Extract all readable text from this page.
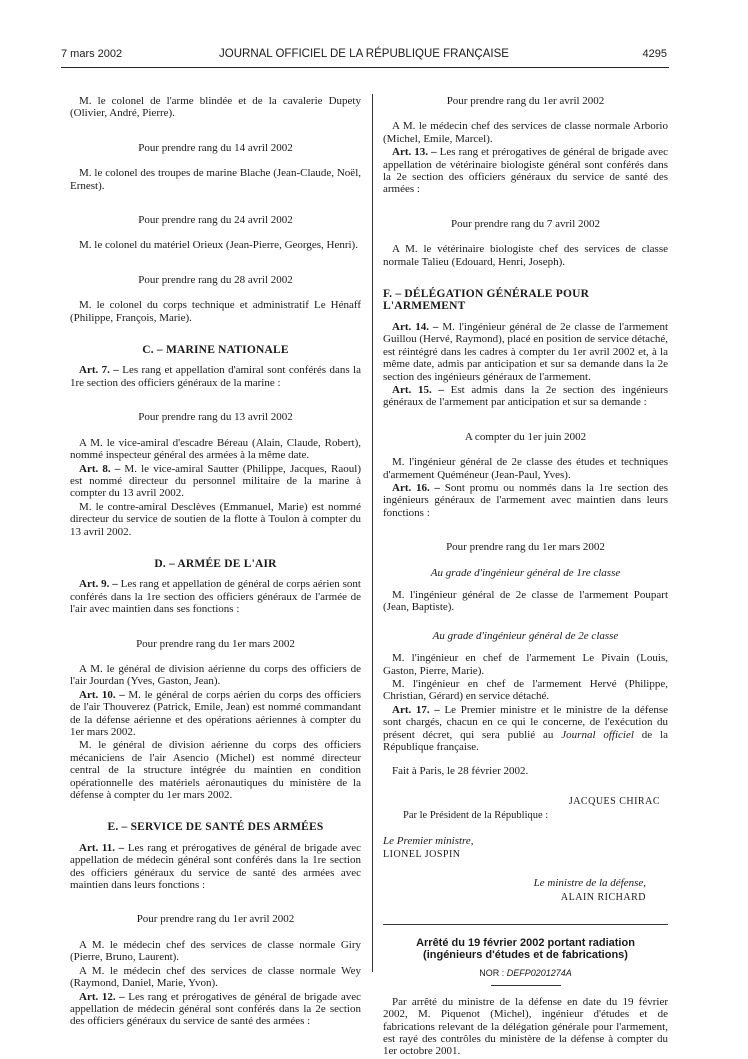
7 mars 2002	JOURNAL OFFICIEL DE LA RÉPUBLIQUE FRANÇAISE	4295

M. le colonel de l'arme blindée et de la cavalerie Dupety (Olivier, André, Pierre).

Pour prendre rang du 14 avril 2002

M. le colonel des troupes de marine Blache (Jean-Claude, Noël, Ernest).

Pour prendre rang du 24 avril 2002

M. le colonel du matériel Orieux (Jean-Pierre, Georges, Henri).

Pour prendre rang du 28 avril 2002

M. le colonel du corps technique et administratif Le Hénaff (Philippe, François, Marie).

C. – MARINE NATIONALE

Art. 7. – Les rang et appellation d'amiral sont conférés dans la 1re section des officiers généraux de la marine :

Pour prendre rang du 13 avril 2002

A M. le vice-amiral d'escadre Béreau (Alain, Claude, Robert), nommé inspecteur général des armées à la même date.

Art. 8. – M. le vice-amiral Sautter (Philippe, Jacques, Raoul) est nommé directeur du personnel militaire de la marine à compter du 13 avril 2002.

M. le contre-amiral Desclèves (Emmanuel, Marie) est nommé directeur du service de soutien de la flotte à Toulon à compter du 13 avril 2002.

D. – ARMÉE DE L'AIR

Art. 9. – Les rang et appellation de général de corps aérien sont conférés dans la 1re section des officiers généraux de l'armée de l'air avec maintien dans ses fonctions :

Pour prendre rang du 1er mars 2002

A M. le général de division aérienne du corps des officiers de l'air Jourdan (Yves, Gaston, Jean).

Art. 10. – M. le général de corps aérien du corps des officiers de l'air Thouverez (Patrick, Emile, Jean) est nommé commandant de la défense aérienne et des opérations aériennes à compter du 1er mars 2002.

M. le général de division aérienne du corps des officiers mécaniciens de l'air Asencio (Michel) est nommé directeur central de la structure intégrée du maintien en condition opérationnelle des matériels aéronautiques du ministère de la défense à compter du 1er mars 2002.

E. – SERVICE DE SANTÉ DES ARMÉES

Art. 11. – Les rang et prérogatives de général de brigade avec appellation de médecin général sont conférés dans la 1re section des officiers généraux du service de santé des armées avec maintien dans leurs fonctions :

Pour prendre rang du 1er avril 2002

A M. le médecin chef des services de classe normale Giry (Pierre, Bruno, Laurent).

A M. le médecin chef des services de classe normale Wey (Raymond, Daniel, Marie, Yvon).

Art. 12. – Les rang et prérogatives de général de brigade avec appellation de médecin général sont conférés dans la 2e section des officiers généraux du service de santé des armées :

Pour prendre rang du 1er avril 2002

A M. le médecin chef des services de classe normale Arborio (Michel, Emile, Marcel).

Art. 13. – Les rang et prérogatives de général de brigade avec appellation de vétérinaire biologiste général sont conférés dans la 2e section des officiers généraux du service de santé des armées :

Pour prendre rang du 7 avril 2002

A M. le vétérinaire biologiste chef des services de classe normale Talieu (Edouard, Henri, Joseph).

F. – DÉLÉGATION GÉNÉRALE POUR L'ARMEMENT

Art. 14. – M. l'ingénieur général de 2e classe de l'armement Guillou (Hervé, Raymond), placé en position de service détaché, est réintégré dans les cadres à compter du 1er avril 2002 et, à la même date, admis par anticipation et sur sa demande dans la 2e section des ingénieurs généraux de l'armement.

Art. 15. – Est admis dans la 2e section des ingénieurs généraux de l'armement par anticipation et sur sa demande :

A compter du 1er juin 2002

M. l'ingénieur général de 2e classe des études et techniques d'armement Quéméneur (Jean-Paul, Yves).

Art. 16. – Sont promu ou nommés dans la 1re section des ingénieurs généraux de l'armement avec maintien dans leurs fonctions :

Pour prendre rang du 1er mars 2002
Au grade d'ingénieur général de 1re classe

M. l'ingénieur général de 2e classe de l'armement Poupart (Jean, Baptiste).

Au grade d'ingénieur général de 2e classe

M. l'ingénieur en chef de l'armement Le Pivain (Louis, Gaston, Pierre, Marie).

M. l'ingénieur en chef de l'armement Hervé (Philippe, Christian, Gérard) en service détaché.

Art. 17. – Le Premier ministre et le ministre de la défense sont chargés, chacun en ce qui le concerne, de l'exécution du présent décret, qui sera publié au Journal officiel de la République française.

Fait à Paris, le 28 février 2002.

JACQUES CHIRAC
Par le Président de la République :
Le Premier ministre,
LIONEL JOSPIN
Le ministre de la défense,
ALAIN RICHARD
Arrêté du 19 février 2002 portant radiation
(ingénieurs d'études et de fabrications)
NOR : DEFP0201274A

Par arrêté du ministre de la défense en date du 19 février 2002, M. Piquenot (Michel), ingénieur d'études et de fabrications relevant de la délégation générale pour l'armement, est rayé des contrôles du ministère de la défense à compter du 1er octobre 2001.
